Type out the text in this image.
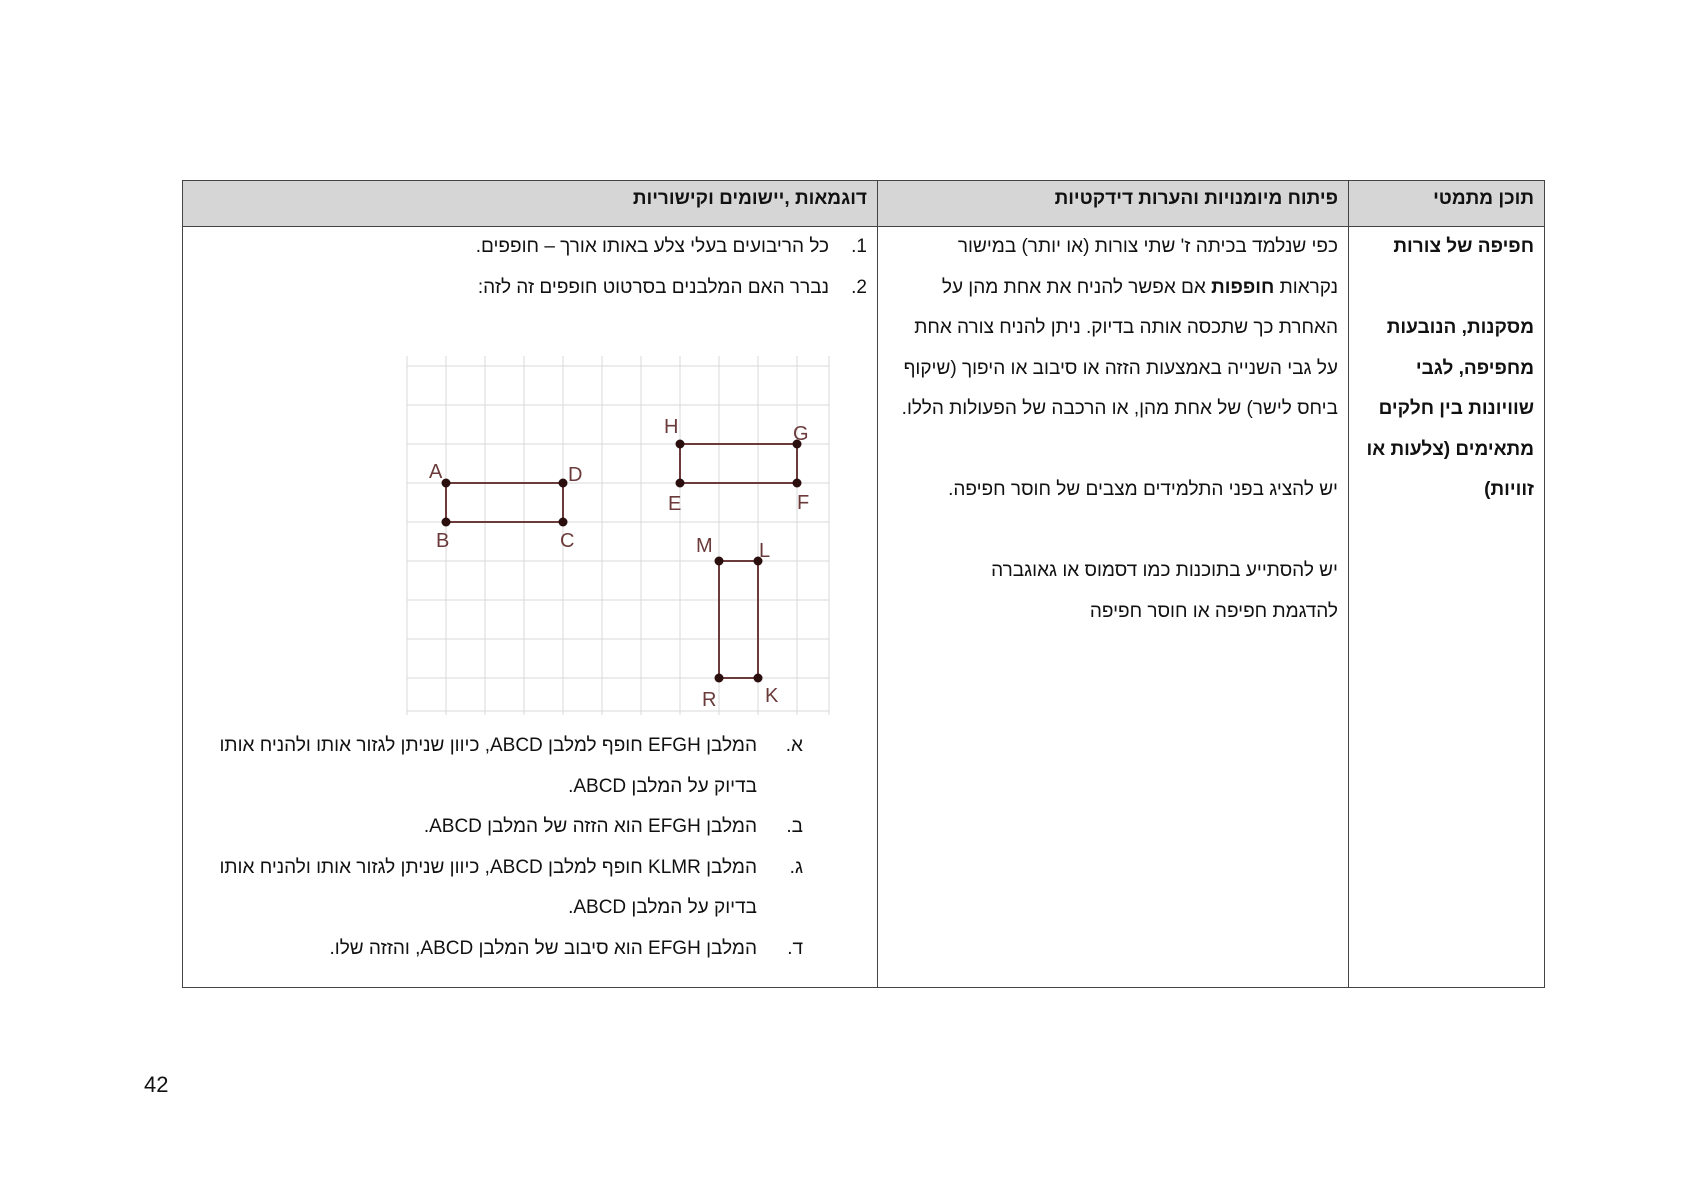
תוכן מתמטי
פיתוח מיומנויות והערות דידקטיות
דוגמאות ,יישומים וקישוריות
חפיפה של צורות

מסקנות, הנובעות
מחפיפה, לגבי
שוויונות בין חלקים
מתאימים (צלעות או
זוויות)
כפי שנלמד בכיתה ז' שתי צורות (או יותר) במישור
נקראות חופפות אם אפשר להניח את אחת מהן על
האחרת כך שתכסה אותה בדיוק. ניתן להניח צורה אחת
על גבי השנייה באמצעות הזזה או סיבוב או היפוך (שיקוף
ביחס לישר) של אחת מהן, או הרכבה של הפעולות הללו.

יש להציג בפני התלמידים מצבים של חוסר חפיפה.

יש להסתייע בתוכנות כמו דסמוס או גאוגברה
להדגמת חפיפה או חוסר חפיפה
1.
כל הריבועים בעלי צלע באותו אורך – חופפים.
2.
נברר האם המלבנים בסרטוט חופפים זה לזה:
A
B	C
D
E	F
G
H
K
L
M
R
א.
המלבן EFGH חופף למלבן ABCD, כיוון שניתן לגזור אותו ולהניח אותו
בדיוק על המלבן ABCD.
ב.
המלבן EFGH הוא הזזה של המלבן ABCD.
ג.
המלבן KLMR חופף למלבן ABCD, כיוון שניתן לגזור אותו ולהניח אותו
בדיוק על המלבן ABCD.
ד.
המלבן EFGH הוא סיבוב של המלבן ABCD, והזזה שלו.
42
